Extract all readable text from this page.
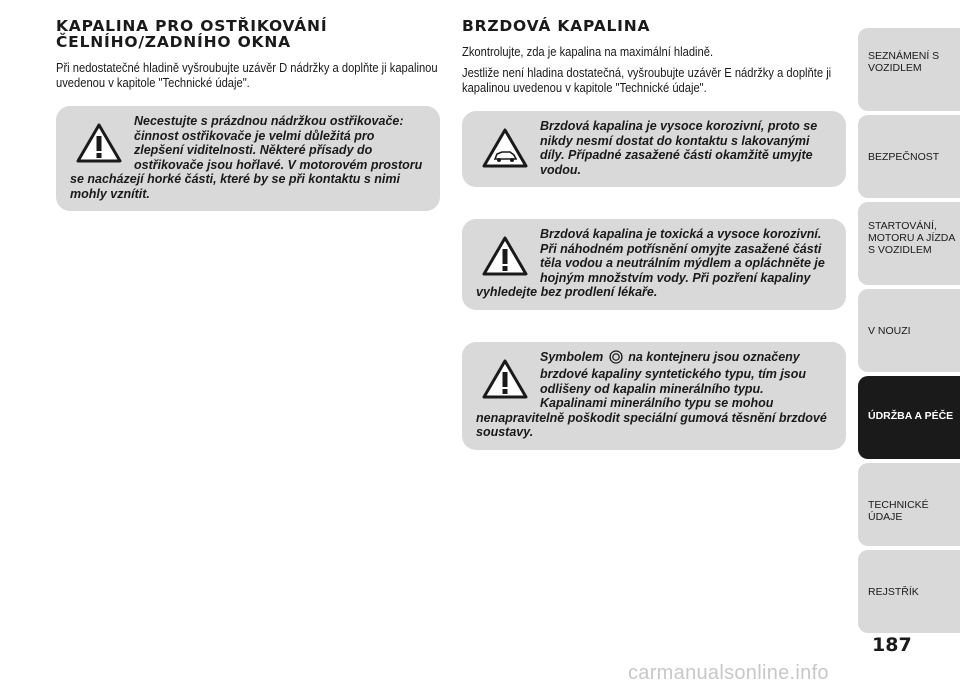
KAPALINA PRO OSTŘIKOVÁNÍ
ČELNÍHO/ZADNÍHO OKNA

Při nedostatečné hladině vyšroubujte uzávěr D nádržky a doplňte ji kapalinou uvedenou v kapitole "Technické údaje".

Necestujte s prázdnou nádržkou ostřikovače: činnost ostřikovače je velmi důležitá pro zlepšení viditelnosti. Některé přísady do ostřikovače jsou hořlavé. V motorovém prostoru se nacházejí horké části, které by se při kontaktu s nimi mohly vznítit.

BRZDOVÁ KAPALINA

Zkontrolujte, zda je kapalina na maximální hladině.

Jestliže není hladina dostatečná, vyšroubujte uzávěr E nádržky a doplňte ji kapalinou uvedenou v kapitole "Technické údaje".

Brzdová kapalina je vysoce korozivní, proto se nikdy nesmí dostat do kontaktu s lakovanými díly. Případné zasažené části okamžitě umyjte vodou.

Brzdová kapalina je toxická a vysoce korozivní. Při náhodném potřísnění omyjte zasažené části těla vodou a neutrálním mýdlem a opláchněte je hojným množstvím vody. Při pozření kapaliny vyhledejte bez prodlení lékaře.

Symbolem na kontejneru jsou označeny brzdové kapaliny syntetického typu, tím jsou odlišeny od kapalin minerálního typu. Kapalinami minerálního typu se mohou nenapravitelně poškodit speciální gumová těsnění brzdové soustavy.

SEZNÁMENÍ S VOZIDLEM
BEZPEČNOST
STARTOVÁNÍ, MOTORU A JÍZDA S VOZIDLEM
V NOUZI
ÚDRŽBA A PÉČE
TECHNICKÉ ÚDAJE
REJSTŘÍK
187
carmanualsonline.info
